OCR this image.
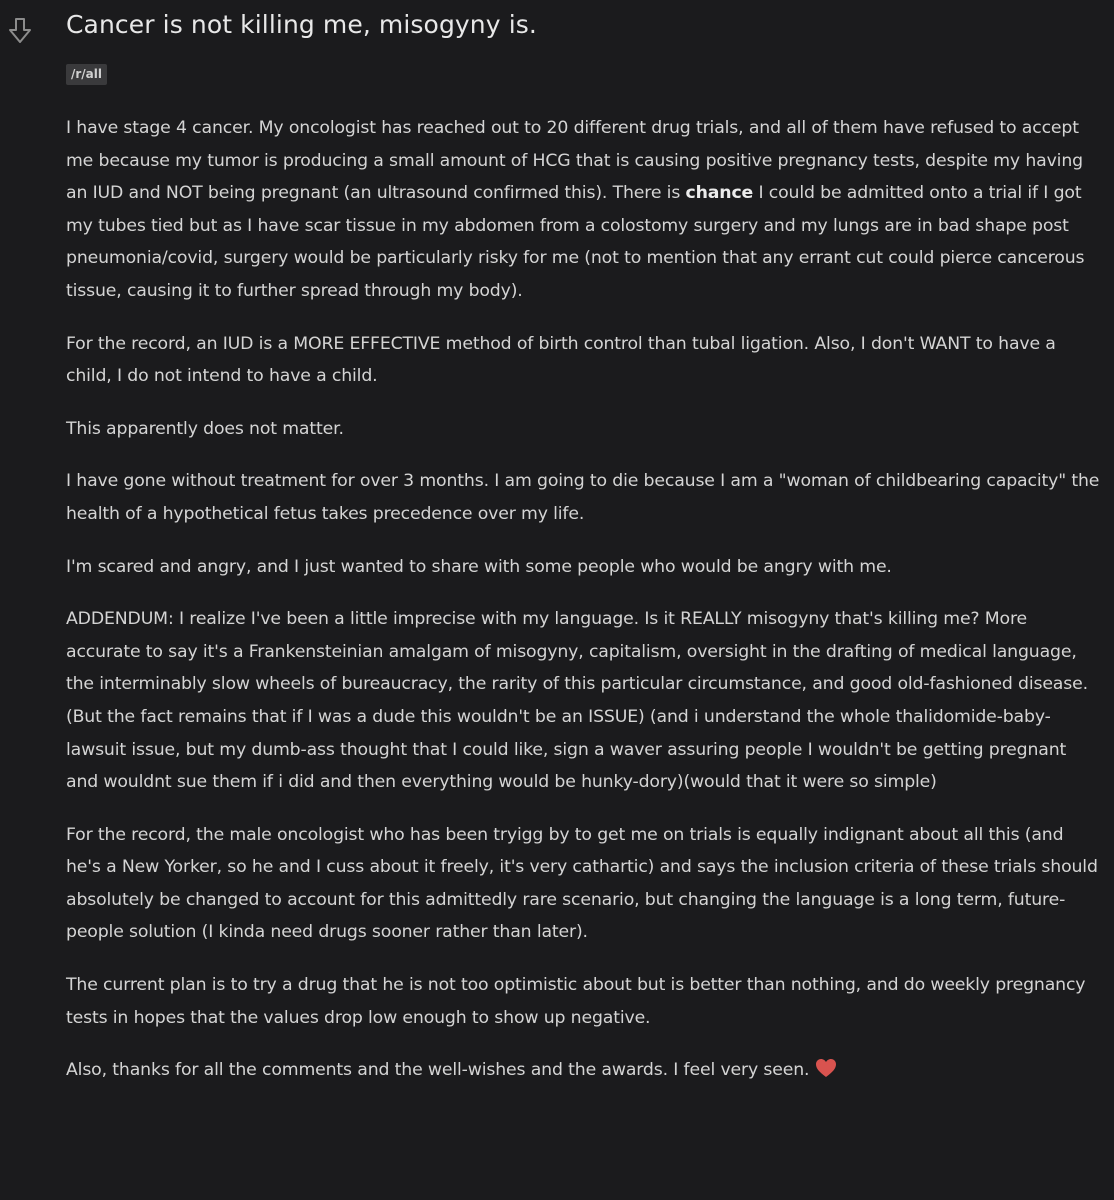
Cancer is not killing me, misogyny is.
/r/all

I have stage 4 cancer. My oncologist has reached out to 20 different drug trials, and all of them have refused to accept me because my tumor is producing a small amount of HCG that is causing positive pregnancy tests, despite my having an IUD and NOT being pregnant (an ultrasound confirmed this). There is chance I could be admitted onto a trial if I got my tubes tied but as I have scar tissue in my abdomen from a colostomy surgery and my lungs are in bad shape post pneumonia/covid, surgery would be particularly risky for me (not to mention that any errant cut could pierce cancerous tissue, causing it to further spread through my body).

For the record, an IUD is a MORE EFFECTIVE method of birth control than tubal ligation. Also, I don't WANT to have a child, I do not intend to have a child.

This apparently does not matter.

I have gone without treatment for over 3 months. I am going to die because I am a "woman of childbearing capacity" the health of a hypothetical fetus takes precedence over my life.

I'm scared and angry, and I just wanted to share with some people who would be angry with me.

ADDENDUM: I realize I've been a little imprecise with my language. Is it REALLY misogyny that's killing me? More accurate to say it's a Frankensteinian amalgam of misogyny, capitalism, oversight in the drafting of medical language, the interminably slow wheels of bureaucracy, the rarity of this particular circumstance, and good old-fashioned disease. (But the fact remains that if I was a dude this wouldn't be an ISSUE) (and i understand the whole thalidomide-baby-lawsuit issue, but my dumb-ass thought that I could like, sign a waver assuring people I wouldn't be getting pregnant and wouldnt sue them if i did and then everything would be hunky-dory)(would that it were so simple)

For the record, the male oncologist who has been tryigg by to get me on trials is equally indignant about all this (and he's a New Yorker, so he and I cuss about it freely, it's very cathartic) and says the inclusion criteria of these trials should absolutely be changed to account for this admittedly rare scenario, but changing the language is a long term, future-people solution (I kinda need drugs sooner rather than later).

The current plan is to try a drug that he is not too optimistic about but is better than nothing, and do weekly pregnancy tests in hopes that the values drop low enough to show up negative.

Also, thanks for all the comments and the well-wishes and the awards. I feel very seen.
